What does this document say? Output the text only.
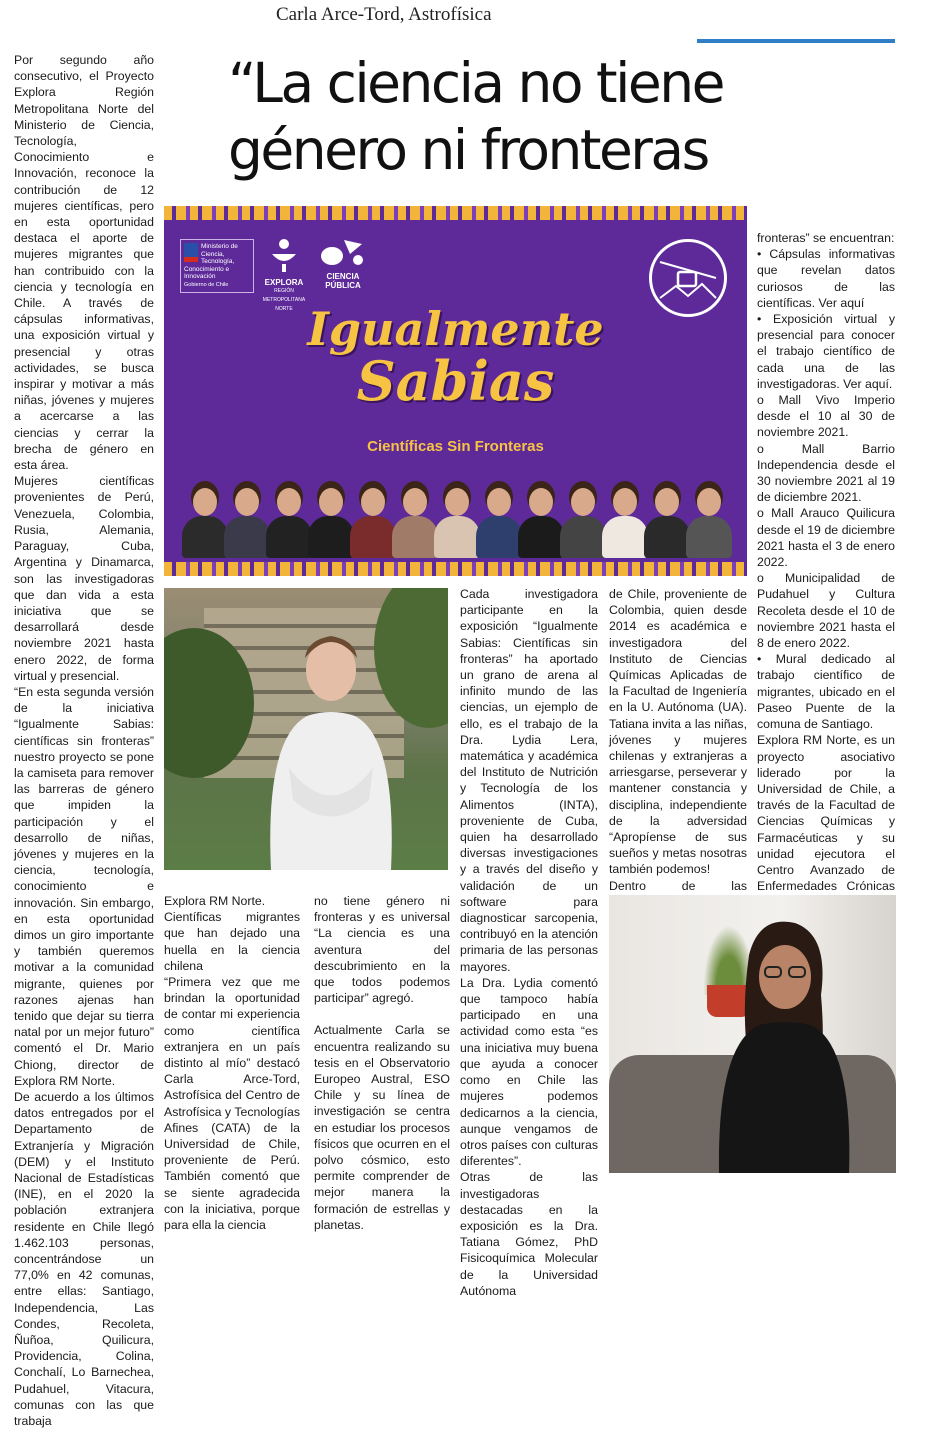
Carla Arce-Tord, Astrofísica
“La ciencia no tiene
género ni fronteras

Por segundo año consecutivo, el Proyecto Explora Región Metropolitana Norte del Ministerio de Ciencia, Tecnología, Conocimiento e Innovación, reconoce la contribución de 12 mujeres científicas, pero en esta oportunidad destaca el aporte de mujeres migrantes que han contribuido con la ciencia y tecnología en Chile. A través de cápsulas informativas, una exposición virtual y presencial y otras actividades, se busca inspirar y motivar a más niñas, jóvenes y mujeres a acercarse a las ciencias y cerrar la brecha de género en esta área.

Mujeres científicas provenientes de Perú, Venezuela, Colombia, Rusia, Alemania, Paraguay, Cuba, Argentina y Dinamarca, son las investigadoras que dan vida a esta iniciativa que se desarrollará desde noviembre 2021 hasta enero 2022, de forma virtual y presencial.

“En esta segunda versión de la iniciativa “Igualmente Sabias: científicas sin fronteras” nuestro proyecto se pone la camiseta para remover las barreras de género que impiden la participación y el desarrollo de niñas, jóvenes y mujeres en la ciencia, tecnología, conocimiento e innovación. Sin embargo, en esta oportunidad dimos un giro importante y también queremos motivar a la comunidad migrante, quienes por razones ajenas han tenido que dejar su tierra natal por un mejor futuro” comentó el Dr. Mario Chiong, director de Explora RM Norte.

De acuerdo a los últimos datos entregados por el Departamento de Extranjería y Migración (DEM) y el Instituto Nacional de Estadísticas (INE), en el 2020 la población extranjera residente en Chile llegó 1.462.103 personas, concentrándose un 77,0% en 42 comunas, entre ellas: Santiago, Independencia, Las Condes, Recoleta, Ñuñoa, Quilicura, Providencia, Colina, Conchalí, Lo Barnechea, Pudahuel, Vitacura, comunas con las que trabaja

Ministerio de Ciencia, Tecnología, Conocimiento e Innovación
Gobierno de Chile	EXPLORA
REGIÓN METROPOLITANA NORTE
CIENCIA PÚBLICA
Igualmente
Sabias
Científicas Sin Fronteras

Explora RM Norte.

Científicas migrantes que han dejado una huella en la ciencia chilena

“Primera vez que me brindan la oportunidad de contar mi experiencia como científica extranjera en un país distinto al mío” destacó Carla Arce-Tord, Astrofísica del Centro de Astrofísica y Tecnologías Afines (CATA) de la Universidad de Chile, proveniente de Perú. También comentó que se siente agradecida con la iniciativa, porque para ella la ciencia

no tiene género ni fronteras y es universal “La ciencia es una aventura del descubrimiento en la que todos podemos participar” agregó.

Actualmente Carla se encuentra realizando su tesis en el Observatorio Europeo Austral, ESO Chile y su línea de investigación se centra en estudiar los procesos físicos que ocurren en el polvo cósmico, esto permite comprender de mejor manera la formación de estrellas y planetas.

Cada investigadora participante en la exposición “Igualmente Sabias: Científicas sin fronteras” ha aportado un grano de arena al infinito mundo de las ciencias, un ejemplo de ello, es el trabajo de la Dra. Lydia Lera, matemática y académica del Instituto de Nutrición y Tecnología de los Alimentos (INTA), proveniente de Cuba, quien ha desarrollado diversas investigaciones y a través del diseño y validación de un software para diagnosticar sarcopenia, contribuyó en la atención primaria de las personas mayores.

La Dra. Lydia comentó que tampoco había participado en una actividad como esta “es una iniciativa muy buena que ayuda a conocer como en Chile las mujeres podemos dedicarnos a la ciencia, aunque vengamos de otros países con culturas diferentes”.

Otras de las investigadoras destacadas en la exposición es la Dra. Tatiana Gómez, PhD Fisicoquímica Molecular de la Universidad Autónoma

de Chile, proveniente de Colombia, quien desde 2014 es académica e investigadora del Instituto de Ciencias Químicas Aplicadas de la Facultad de Ingeniería en la U. Autónoma (UA). Tatiana invita a las niñas, jóvenes y mujeres chilenas y extranjeras a arriesgarse, perseverar y mantener constancia y disciplina, independiente de la adversidad “Apropíense de sus sueños y metas nosotras también podemos!

Dentro de las

fronteras” se encuentran:

• Cápsulas informativas que revelan datos curiosos de las científicas. Ver aquí

• Exposición virtual y presencial para conocer el trabajo científico de cada una de las investigadoras. Ver aquí.

o Mall Vivo Imperio desde el 10 al 30 de noviembre 2021.

o Mall Barrio Independencia desde el 30 noviembre 2021 al 19 de diciembre 2021.

o Mall Arauco Quilicura desde el 19 de diciembre 2021 hasta el 3 de enero 2022.

o Municipalidad de Pudahuel y Cultura Recoleta desde el 10 de noviembre 2021 hasta el 8 de enero 2022.

• Mural dedicado al trabajo científico de migrantes, ubicado en el Paseo Puente de la comuna de Santiago.

Explora RM Norte, es un proyecto asociativo liderado por la Universidad de Chile, a través de la Facultad de Ciencias Químicas y Farmacéuticas y su unidad ejecutora el Centro Avanzado de Enfermedades Crónicas
